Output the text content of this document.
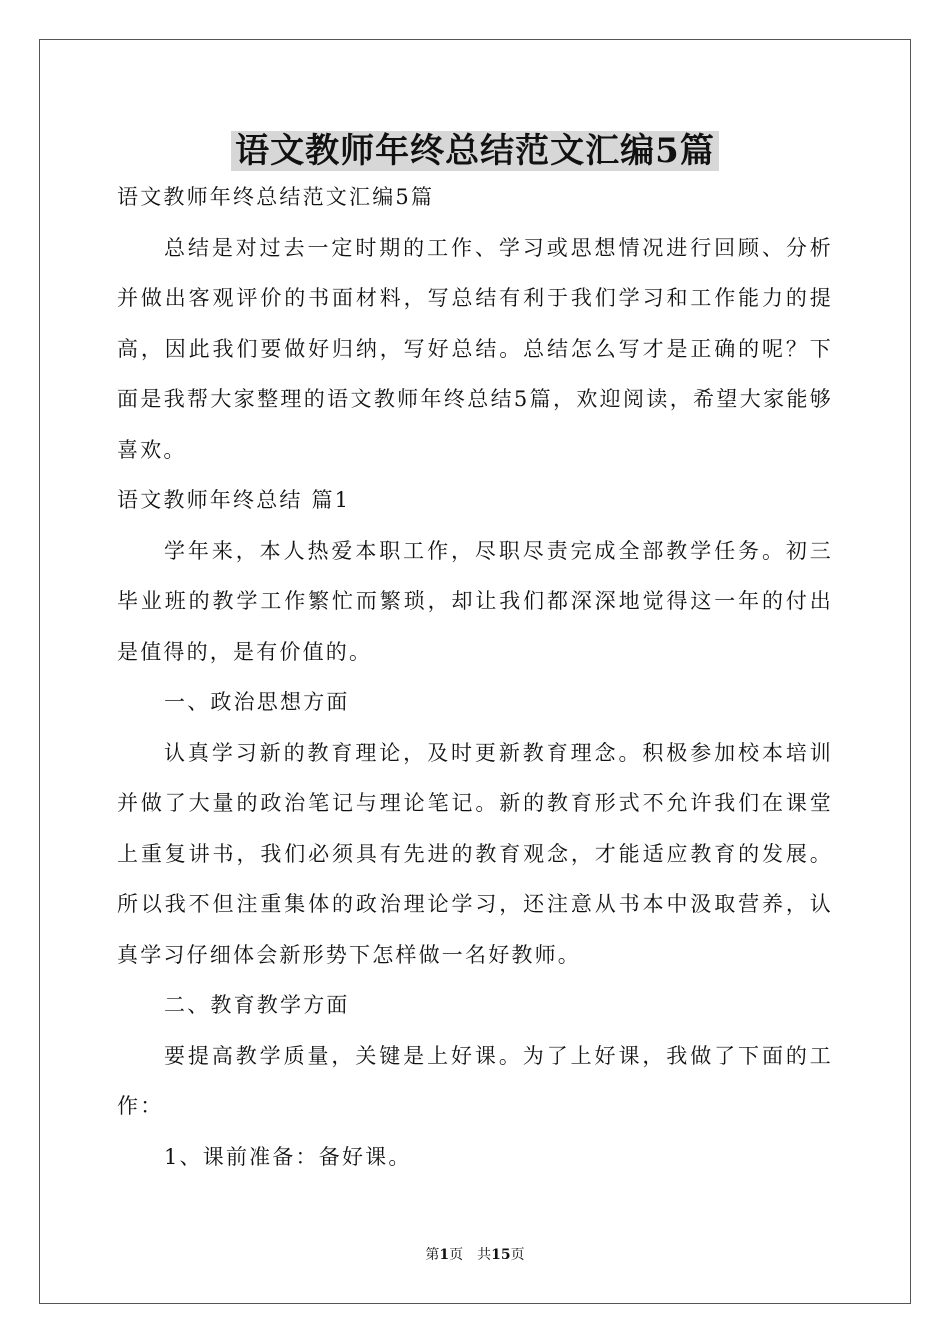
语文教师年终总结范文汇编5篇

语文教师年终总结范文汇编5篇

总结是对过去一定时期的工作、学习或思想情况进行回顾、分析并做出客观评价的书面材料，写总结有利于我们学习和工作能力的提高，因此我们要做好归纳，写好总结。总结怎么写才是正确的呢？下面是我帮大家整理的语文教师年终总结5篇，欢迎阅读，希望大家能够喜欢。

语文教师年终总结 篇1

学年来，本人热爱本职工作，尽职尽责完成全部教学任务。初三毕业班的教学工作繁忙而繁琐，却让我们都深深地觉得这一年的付出是值得的，是有价值的。

一、政治思想方面

认真学习新的教育理论，及时更新教育理念。积极参加校本培训并做了大量的政治笔记与理论笔记。新的教育形式不允许我们在课堂上重复讲书，我们必须具有先进的教育观念，才能适应教育的发展。所以我不但注重集体的政治理论学习，还注意从书本中汲取营养，认真学习仔细体会新形势下怎样做一名好教师。

二、教育教学方面

要提高教学质量，关键是上好课。为了上好课，我做了下面的工作：

1、课前准备：备好课。

第1页　共15页
